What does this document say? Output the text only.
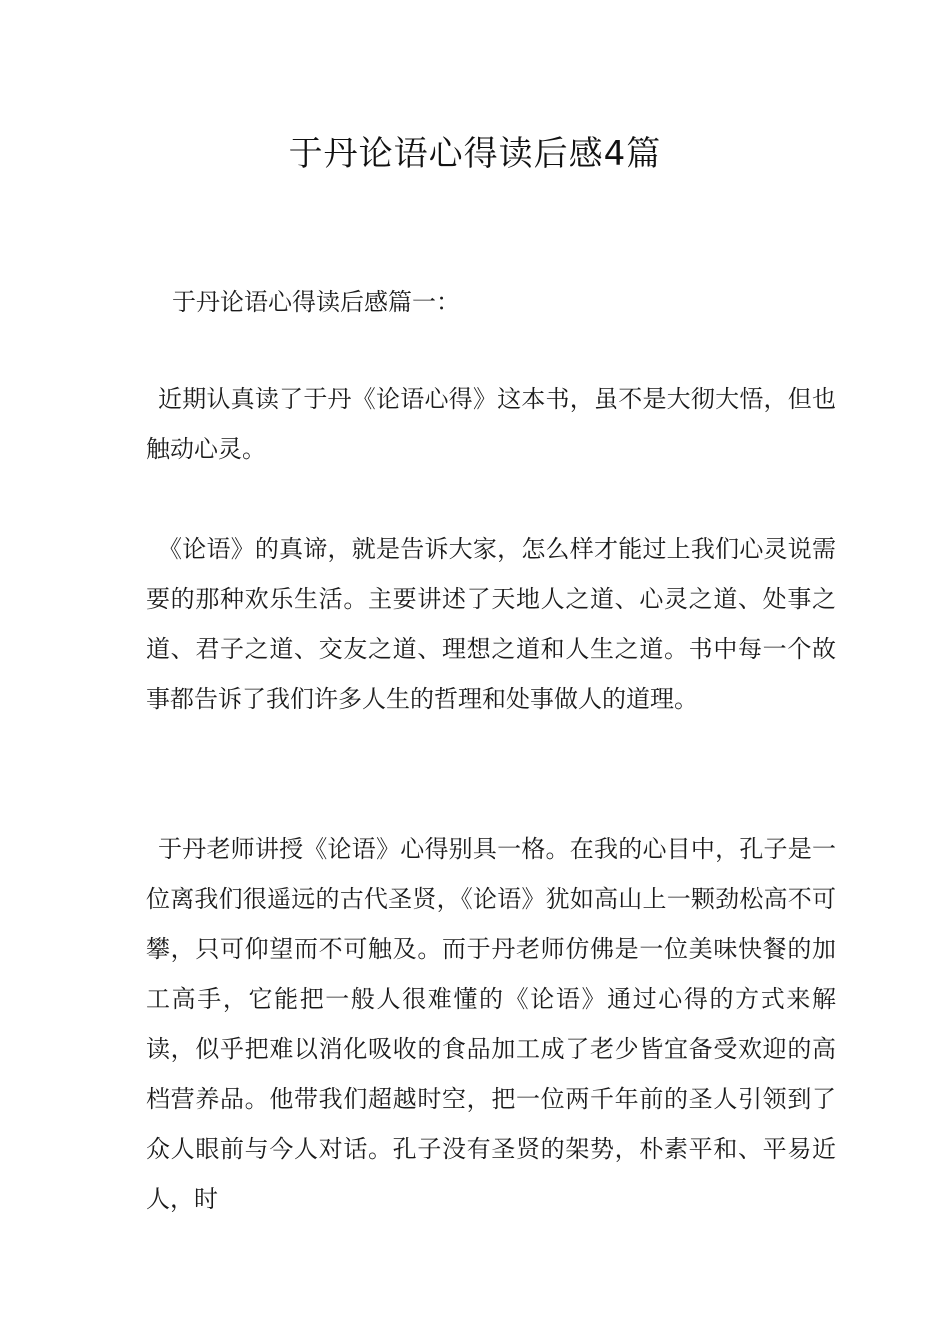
于丹论语心得读后感4篇

于丹论语心得读后感篇一：

近期认真读了于丹《论语心得》这本书，虽不是大彻大悟，但也触动心灵。

《论语》的真谛，就是告诉大家，怎么样才能过上我们心灵说需要的那种欢乐生活。主要讲述了天地人之道、心灵之道、处事之道、君子之道、交友之道、理想之道和人生之道。书中每一个故事都告诉了我们许多人生的哲理和处事做人的道理。

于丹老师讲授《论语》心得别具一格。在我的心目中，孔子是一位离我们很遥远的古代圣贤，《论语》犹如高山上一颗劲松高不可攀，只可仰望而不可触及。而于丹老师仿佛是一位美味快餐的加工高手，它能把一般人很难懂的《论语》通过心得的方式来解读，似乎把难以消化吸收的食品加工成了老少皆宜备受欢迎的高档营养品。他带我们超越时空，把一位两千年前的圣人引领到了众人眼前与今人对话。孔子没有圣贤的架势，朴素平和、平易近人，时
